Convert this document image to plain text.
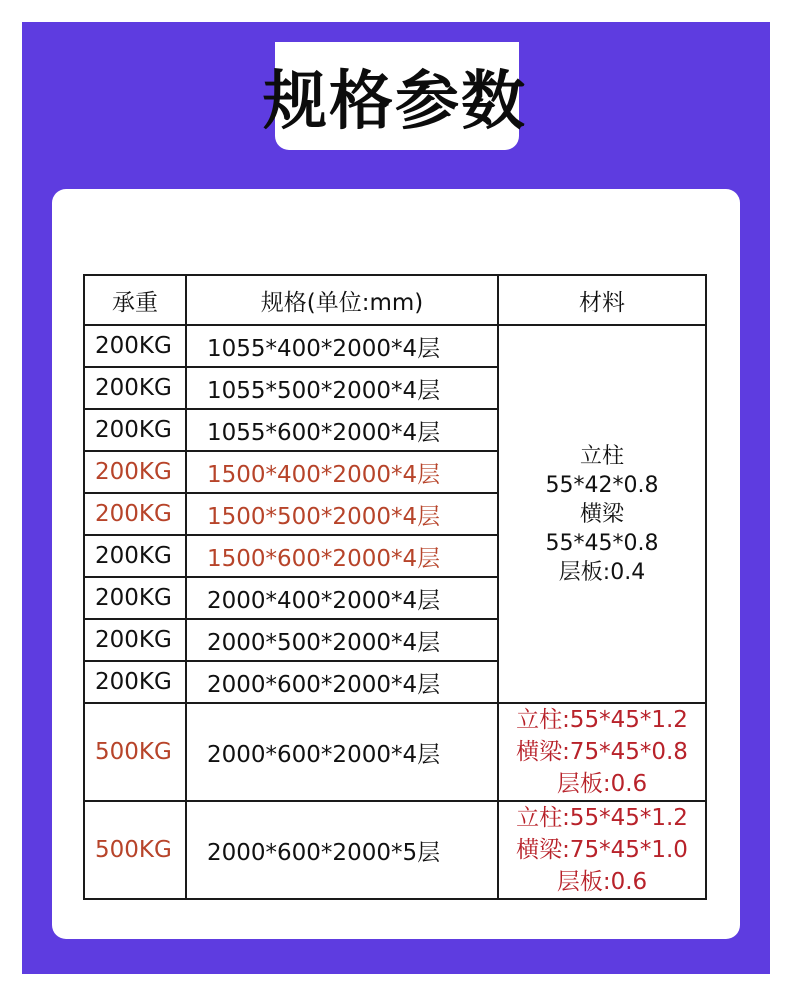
规格参数
承重	规格(单位:mm)	材料
200KG	1055*400*2000*4层	立柱
55*42*0.8
横梁
55*45*0.8
层板:0.4

200KG	1055*500*2000*4层	
200KG	1055*600*2000*4层	
200KG	1500*400*2000*4层	
200KG	1500*500*2000*4层	
200KG	1500*600*2000*4层	
200KG	2000*400*2000*4层	
200KG	2000*500*2000*4层	
200KG	2000*600*2000*4层	
500KG	2000*600*2000*4层	立柱:55*45*1.2
横梁:75*45*0.8
层板:0.6

500KG	2000*600*2000*5层	立柱:55*45*1.2
横梁:75*45*1.0
层板:0.6
